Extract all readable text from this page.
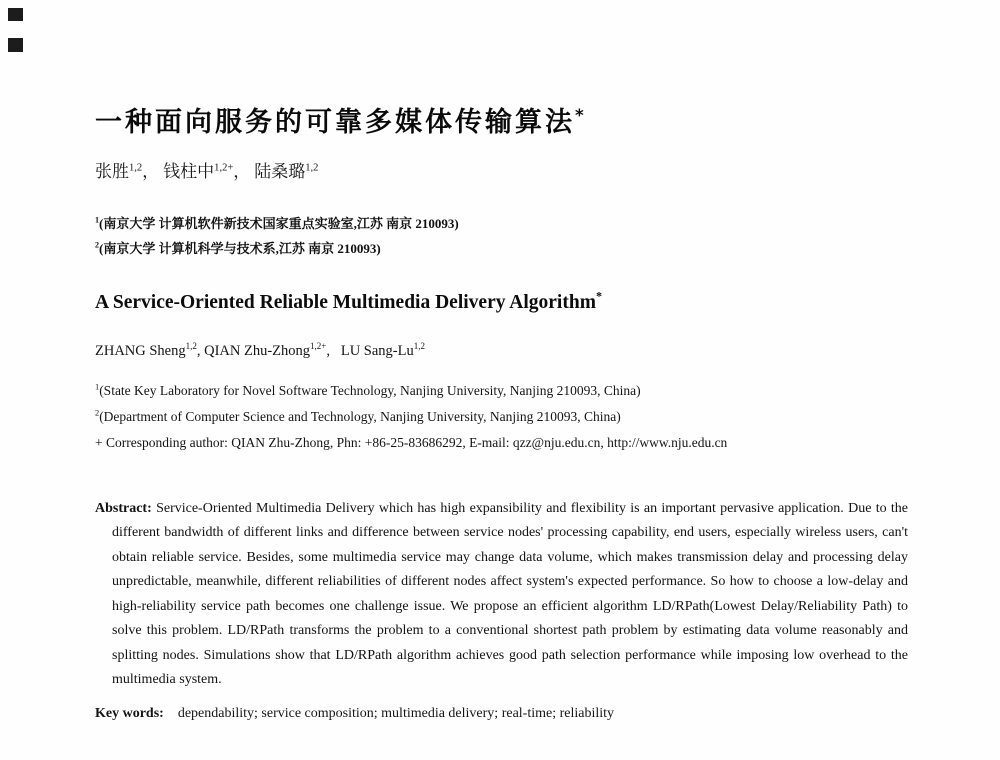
一种面向服务的可靠多媒体传输算法*
张胜$^{1,2}$，钱柱中$^{1,2+}$，陆桑璐$^{1,2}$
$^1$(南京大学 计算机软件新技术国家重点实验室,江苏 南京 210093)
$^2$(南京大学 计算机科学与技术系,江苏 南京 210093)
A Service-Oriented Reliable Multimedia Delivery Algorithm*
ZHANG Sheng$^{1,2}$, QIAN Zhu-Zhong$^{1,2+}$,   LU Sang-Lu$^{1,2}$
$^1$(State Key Laboratory for Novel Software Technology, Nanjing University, Nanjing 210093, China)
$^2$(Department of Computer Science and Technology, Nanjing University, Nanjing 210093, China)
+ Corresponding author: QIAN Zhu-Zhong, Phn: +86-25-83686292, E-mail: qzz@nju.edu.cn, http://www.nju.edu.cn

Abstract: Service-Oriented Multimedia Delivery which has high expansibility and flexibility is an important pervasive application. Due to the different bandwidth of different links and difference between service nodes' processing capability, end users, especially wireless users, can't obtain reliable service. Besides, some multimedia service may change data volume, which makes transmission delay and processing delay unpredictable, meanwhile, different reliabilities of different nodes affect system's expected performance. So how to choose a low-delay and high-reliability service path becomes one challenge issue. We propose an efficient algorithm LD/RPath(Lowest Delay/Reliability Path) to solve this problem. LD/RPath transforms the problem to a conventional shortest path problem by estimating data volume reasonably and splitting nodes. Simulations show that LD/RPath algorithm achieves good path selection performance while imposing low overhead to the multimedia system.

Key words: dependability; service composition; multimedia delivery; real-time; reliability
